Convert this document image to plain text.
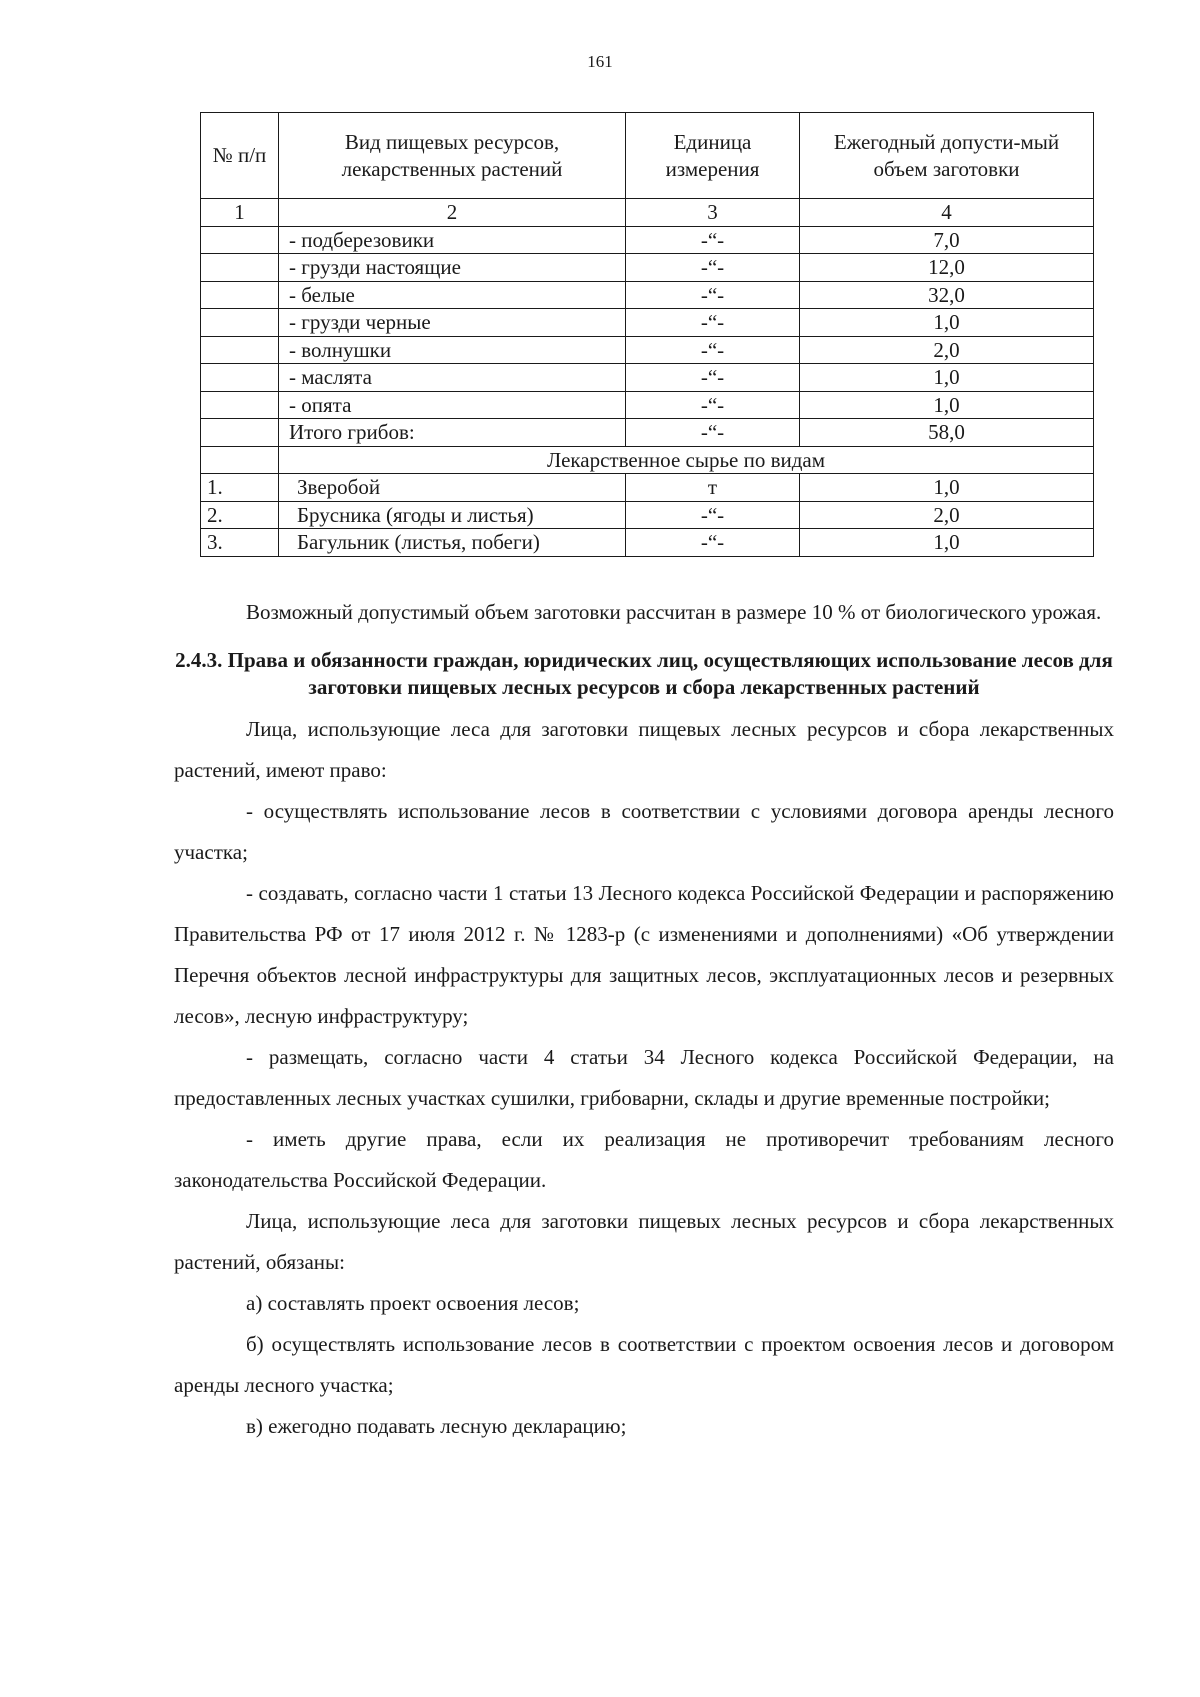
161
№ п/п	Вид пищевых ресурсов, лекарственных растений	Единица измерения	Ежегодный допусти-мый объем заготовки
1	2	3	4
	- подберезовики	-“-	7,0
	- грузди настоящие	-“-	12,0
	- белые	-“-	32,0
	- грузди черные	-“-	1,0
	- волнушки	-“-	2,0
	- маслята	-“-	1,0
	- опята	-“-	1,0
	Итого грибов:	-“-	58,0
	Лекарственное сырье по видам		
1.	Зверобой	т	1,0
2.	Брусника (ягоды и листья)	-“-	2,0
3.	Багульник (листья, побеги)	-“-	1,0

Возможный допустимый объем заготовки рассчитан в размере 10 % от биологического урожая.

2.4.3. Права и обязанности граждан, юридических лиц, осуществляющих использование лесов для заготовки пищевых лесных ресурсов и сбора лекарственных растений

Лица, использующие леса для заготовки пищевых лесных ресурсов и сбора лекарственных растений, имеют право:

- осуществлять использование лесов в соответствии с условиями договора аренды лесного участка;

- создавать, согласно части 1 статьи 13 Лесного кодекса Российской Федерации и распоряжению Правительства РФ от 17 июля 2012 г. № 1283-р (с изменениями и дополнениями) «Об утверждении Перечня объектов лесной инфраструктуры для защитных лесов, эксплуатационных лесов и резервных лесов», лесную инфраструктуру;

- размещать, согласно части 4 статьи 34 Лесного кодекса Российской Федерации, на предоставленных лесных участках сушилки, грибоварни, склады и другие временные постройки;

- иметь другие права, если их реализация не противоречит требованиям лесного законодательства Российской Федерации.

Лица, использующие леса для заготовки пищевых лесных ресурсов и сбора лекарственных растений, обязаны:

а) составлять проект освоения лесов;

б) осуществлять использование лесов в соответствии с проектом освоения лесов и договором аренды лесного участка;

в) ежегодно подавать лесную декларацию;
